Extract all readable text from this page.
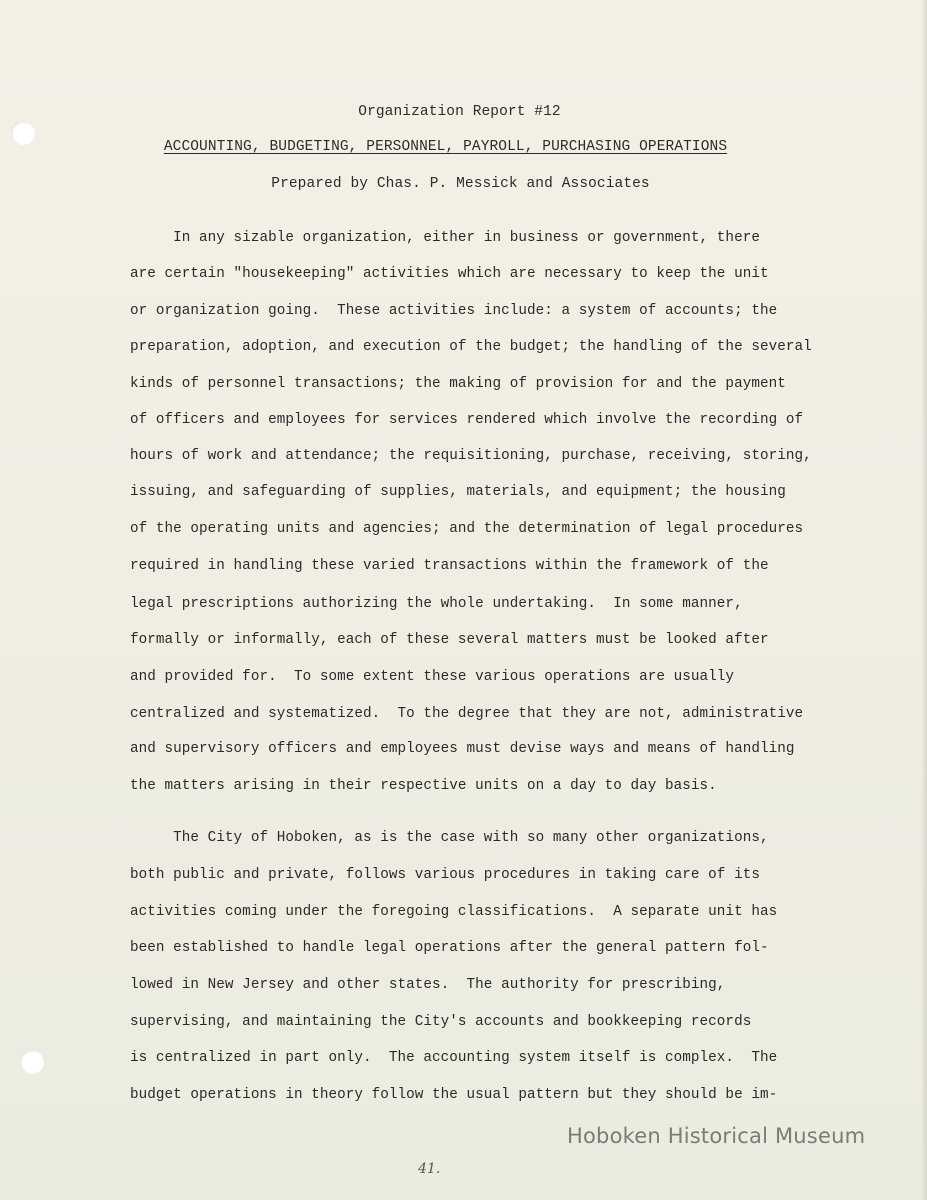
Organization Report #12
ACCOUNTING, BUDGETING, PERSONNEL, PAYROLL, PURCHASING OPERATIONS
Prepared by Chas. P. Messick and Associates
In any sizable organization, either in business or government, there
are certain "housekeeping" activities which are necessary to keep the unit
or organization going.  These activities include: a system of accounts; the
preparation, adoption, and execution of the budget; the handling of the several
kinds of personnel transactions; the making of provision for and the payment
of officers and employees for services rendered which involve the recording of
hours of work and attendance; the requisitioning, purchase, receiving, storing,
issuing, and safeguarding of supplies, materials, and equipment; the housing
of the operating units and agencies; and the determination of legal procedures
required in handling these varied transactions within the framework of the
legal prescriptions authorizing the whole undertaking.  In some manner,
formally or informally, each of these several matters must be looked after
and provided for.  To some extent these various operations are usually
centralized and systematized.  To the degree that they are not, administrative
and supervisory officers and employees must devise ways and means of handling
the matters arising in their respective units on a day to day basis.
The City of Hoboken, as is the case with so many other organizations,
both public and private, follows various procedures in taking care of its
activities coming under the foregoing classifications.  A separate unit has
been established to handle legal operations after the general pattern fol-
lowed in New Jersey and other states.  The authority for prescribing,
supervising, and maintaining the City's accounts and bookkeeping records
is centralized in part only.  The accounting system itself is complex.  The
budget operations in theory follow the usual pattern but they should be im-
Hoboken Historical Museum
41.
